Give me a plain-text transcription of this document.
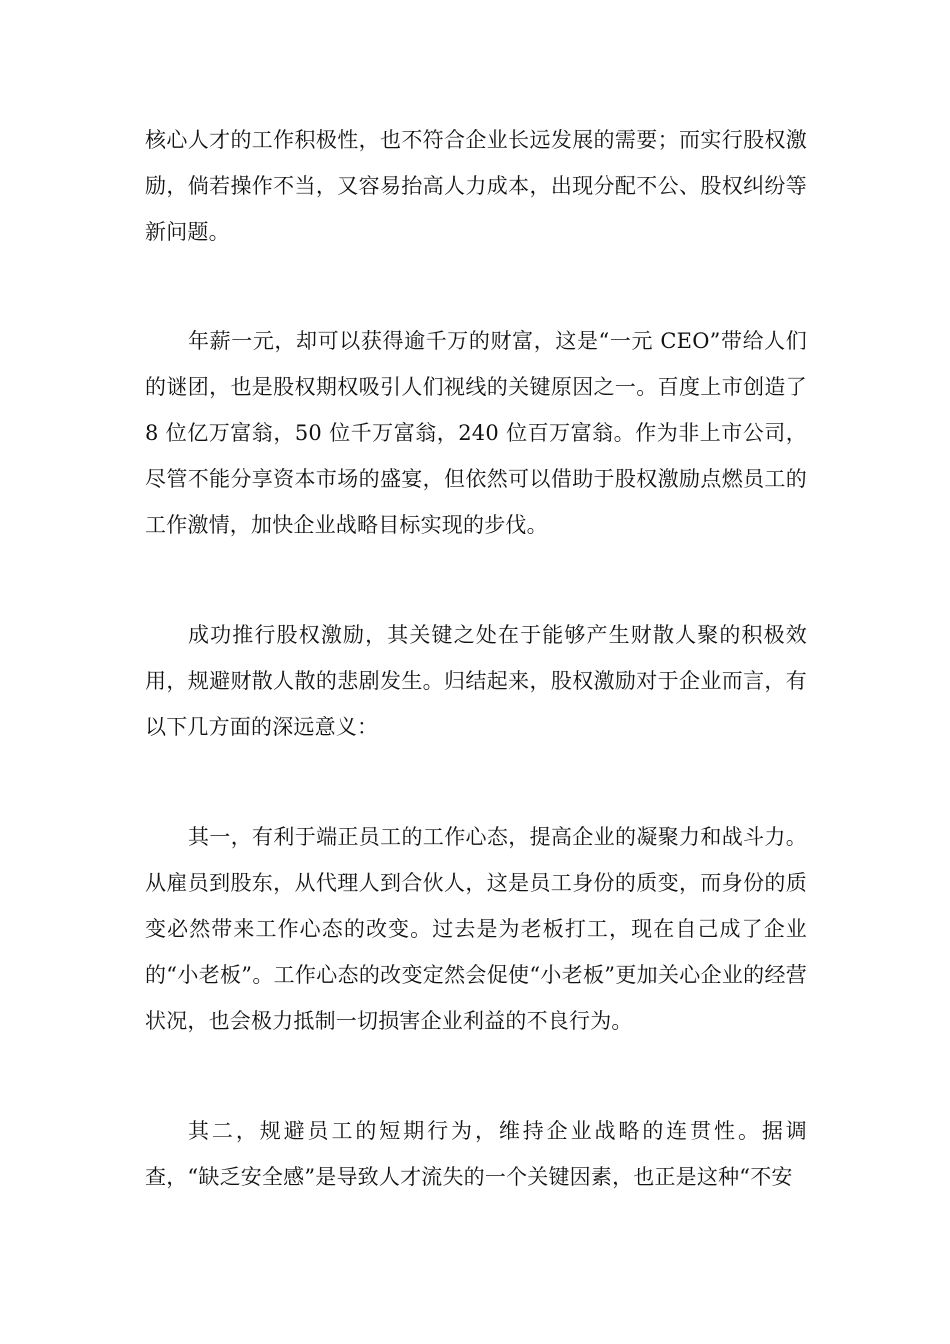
核心人才的工作积极性，也不符合企业长远发展的需要；而实行股权激励，倘若操作不当，又容易抬高人力成本，出现分配不公、股权纠纷等新问题。

年薪一元，却可以获得逾千万的财富，这是“一元 CEO”带给人们的谜团，也是股权期权吸引人们视线的关键原因之一。百度上市创造了 8 位亿万富翁，50 位千万富翁，240 位百万富翁。作为非上市公司，尽管不能分享资本市场的盛宴，但依然可以借助于股权激励点燃员工的工作激情，加快企业战略目标实现的步伐。

成功推行股权激励，其关键之处在于能够产生财散人聚的积极效用，规避财散人散的悲剧发生。归结起来，股权激励对于企业而言，有以下几方面的深远意义：

其一，有利于端正员工的工作心态，提高企业的凝聚力和战斗力。从雇员到股东，从代理人到合伙人，这是员工身份的质变，而身份的质变必然带来工作心态的改变。过去是为老板打工，现在自己成了企业的“小老板”。工作心态的改变定然会促使“小老板”更加关心企业的经营状况，也会极力抵制一切损害企业利益的不良行为。

其二，规避员工的短期行为，维持企业战略的连贯性。据调查，“缺乏安全感”是导致人才流失的一个关键因素，也正是这种“不安
